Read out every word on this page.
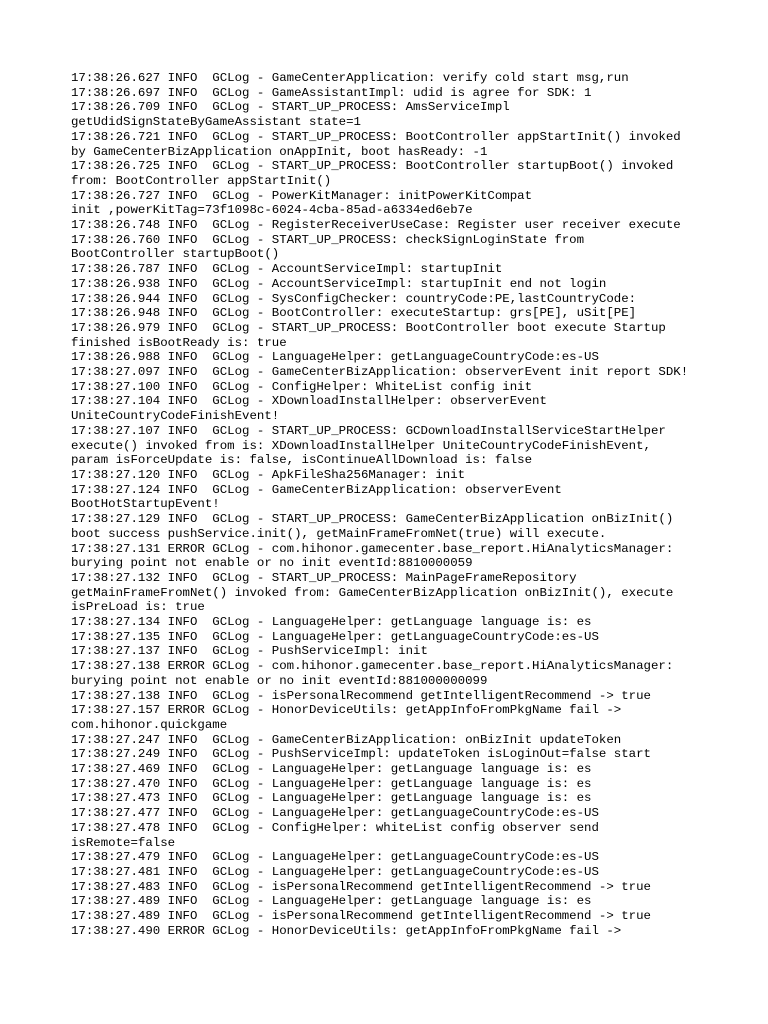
17:38:26.627 INFO  GCLog - GameCenterApplication: verify cold start msg,run
17:38:26.697 INFO  GCLog - GameAssistantImpl: udid is agree for SDK: 1
17:38:26.709 INFO  GCLog - START_UP_PROCESS: AmsServiceImpl
getUdidSignStateByGameAssistant state=1
17:38:26.721 INFO  GCLog - START_UP_PROCESS: BootController appStartInit() invoked
by GameCenterBizApplication onAppInit, boot hasReady: -1
17:38:26.725 INFO  GCLog - START_UP_PROCESS: BootController startupBoot() invoked
from: BootController appStartInit()
17:38:26.727 INFO  GCLog - PowerKitManager: initPowerKitCompat
init ,powerKitTag=73f1098c-6024-4cba-85ad-a6334ed6eb7e
17:38:26.748 INFO  GCLog - RegisterReceiverUseCase: Register user receiver execute
17:38:26.760 INFO  GCLog - START_UP_PROCESS: checkSignLoginState from
BootController startupBoot()
17:38:26.787 INFO  GCLog - AccountServiceImpl: startupInit
17:38:26.938 INFO  GCLog - AccountServiceImpl: startupInit end not login
17:38:26.944 INFO  GCLog - SysConfigChecker: countryCode:PE,lastCountryCode:
17:38:26.948 INFO  GCLog - BootController: executeStartup: grs[PE], uSit[PE]
17:38:26.979 INFO  GCLog - START_UP_PROCESS: BootController boot execute Startup
finished isBootReady is: true
17:38:26.988 INFO  GCLog - LanguageHelper: getLanguageCountryCode:es-US
17:38:27.097 INFO  GCLog - GameCenterBizApplication: observerEvent init report SDK!
17:38:27.100 INFO  GCLog - ConfigHelper: WhiteList config init
17:38:27.104 INFO  GCLog - XDownloadInstallHelper: observerEvent
UniteCountryCodeFinishEvent!
17:38:27.107 INFO  GCLog - START_UP_PROCESS: GCDownloadInstallServiceStartHelper
execute() invoked from is: XDownloadInstallHelper UniteCountryCodeFinishEvent,
param isForceUpdate is: false, isContinueAllDownload is: false
17:38:27.120 INFO  GCLog - ApkFileSha256Manager: init
17:38:27.124 INFO  GCLog - GameCenterBizApplication: observerEvent
BootHotStartupEvent!
17:38:27.129 INFO  GCLog - START_UP_PROCESS: GameCenterBizApplication onBizInit()
boot success pushService.init(), getMainFrameFromNet(true) will execute.
17:38:27.131 ERROR GCLog - com.hihonor.gamecenter.base_report.HiAnalyticsManager:
burying point not enable or no init eventId:8810000059
17:38:27.132 INFO  GCLog - START_UP_PROCESS: MainPageFrameRepository
getMainFrameFromNet() invoked from: GameCenterBizApplication onBizInit(), execute
isPreLoad is: true
17:38:27.134 INFO  GCLog - LanguageHelper: getLanguage language is: es
17:38:27.135 INFO  GCLog - LanguageHelper: getLanguageCountryCode:es-US
17:38:27.137 INFO  GCLog - PushServiceImpl: init
17:38:27.138 ERROR GCLog - com.hihonor.gamecenter.base_report.HiAnalyticsManager:
burying point not enable or no init eventId:881000000099
17:38:27.138 INFO  GCLog - isPersonalRecommend getIntelligentRecommend -> true
17:38:27.157 ERROR GCLog - HonorDeviceUtils: getAppInfoFromPkgName fail ->
com.hihonor.quickgame
17:38:27.247 INFO  GCLog - GameCenterBizApplication: onBizInit updateToken
17:38:27.249 INFO  GCLog - PushServiceImpl: updateToken isLoginOut=false start
17:38:27.469 INFO  GCLog - LanguageHelper: getLanguage language is: es
17:38:27.470 INFO  GCLog - LanguageHelper: getLanguage language is: es
17:38:27.473 INFO  GCLog - LanguageHelper: getLanguage language is: es
17:38:27.477 INFO  GCLog - LanguageHelper: getLanguageCountryCode:es-US
17:38:27.478 INFO  GCLog - ConfigHelper: whiteList config observer send
isRemote=false
17:38:27.479 INFO  GCLog - LanguageHelper: getLanguageCountryCode:es-US
17:38:27.481 INFO  GCLog - LanguageHelper: getLanguageCountryCode:es-US
17:38:27.483 INFO  GCLog - isPersonalRecommend getIntelligentRecommend -> true
17:38:27.489 INFO  GCLog - LanguageHelper: getLanguage language is: es
17:38:27.489 INFO  GCLog - isPersonalRecommend getIntelligentRecommend -> true
17:38:27.490 ERROR GCLog - HonorDeviceUtils: getAppInfoFromPkgName fail ->
